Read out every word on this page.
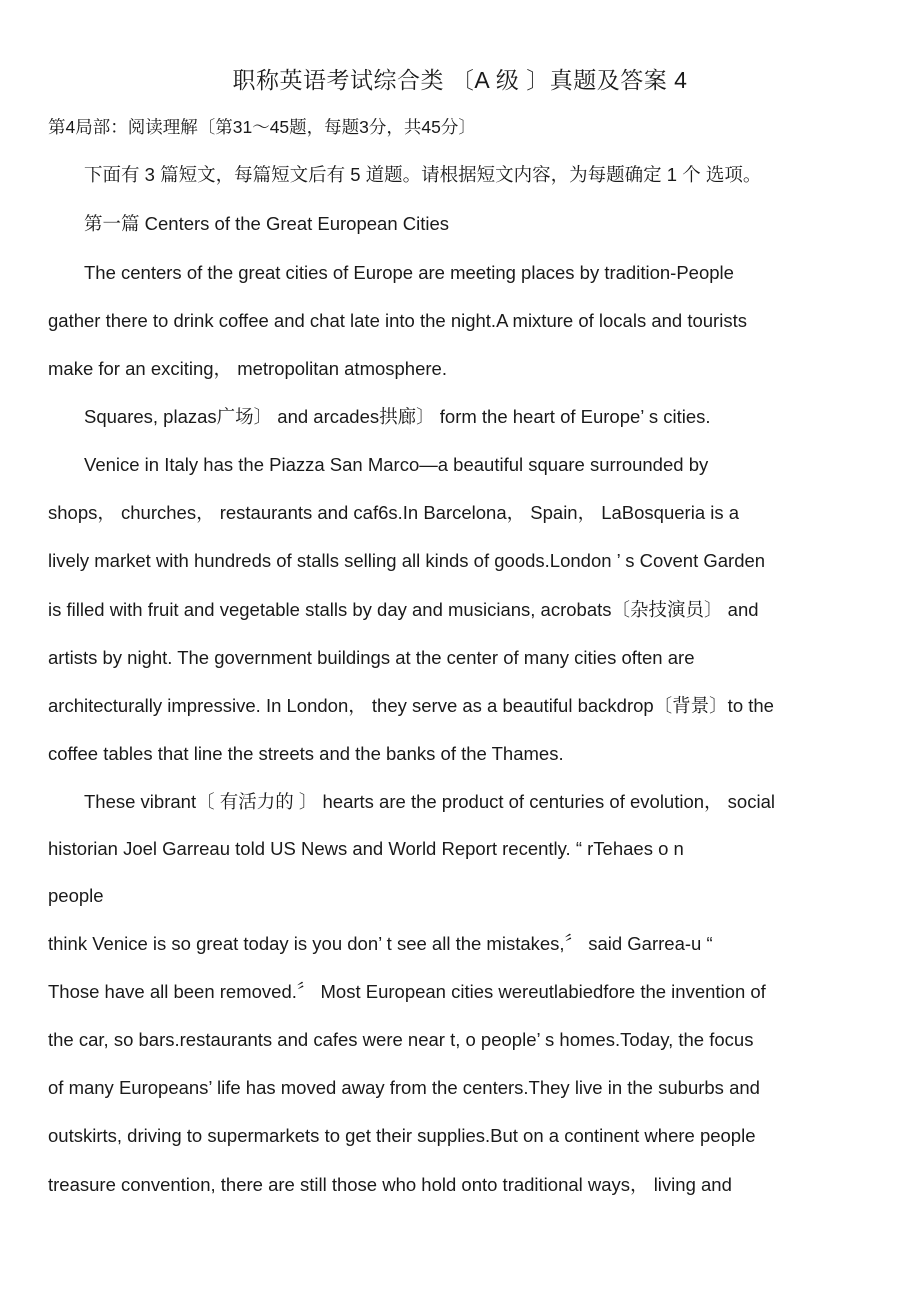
职称英语考试综合类 〔A 级 〕真题及答案 4
第4局部：阅读理解〔第31～45题，每题3分，共45分〕
下面有 3 篇短文，每篇短文后有 5 道题。请根据短文内容，为每题确定 1 个 选项。
第一篇 Centers of the Great European Cities
The centers of the great cities of Europe are meeting places by tradition-People
gather there to drink coffee and chat late into the night.A mixture of locals and tourists
make for an exciting， metropolitan atmosphere.
Squares, plazas广场〕 and arcades拱廊〕 form the heart of Europe’ s cities.
Venice in Italy has the Piazza San Marco—a beautiful square surrounded by
shops， churches， restaurants and caf6s.In Barcelona， Spain， LaBosqueria is a
lively market with hundreds of stalls selling all kinds of goods.London ’ s Covent Garden
is filled with fruit and vegetable stalls by day and musicians, acrobats〔杂技演员〕 and
artists by night. The government buildings at the center of many cities often are
architecturally impressive. In London， they serve as a beautiful backdrop〔背景〕to the
coffee tables that line the streets and the banks of the Thames.
These vibrant〔 有活力的 〕 hearts are the product of centuries of evolution， social
historian Joel Garreau told US News and World Report recently. “ rTehaes o n
people
think Venice is so great today is you don’ t see all the mistakes,〞 said Garrea-u “
Those have all been removed.〞 Most European cities wereutlabiedfore the invention of
the car, so bars.restaurants and cafes were near t, o people’ s homes.Today, the focus
of many Europeans’ life has moved away from the centers.They live in the suburbs and
outskirts, driving to supermarkets to get their supplies.But on a continent where people
treasure convention, there are still those who hold onto traditional ways， living and
